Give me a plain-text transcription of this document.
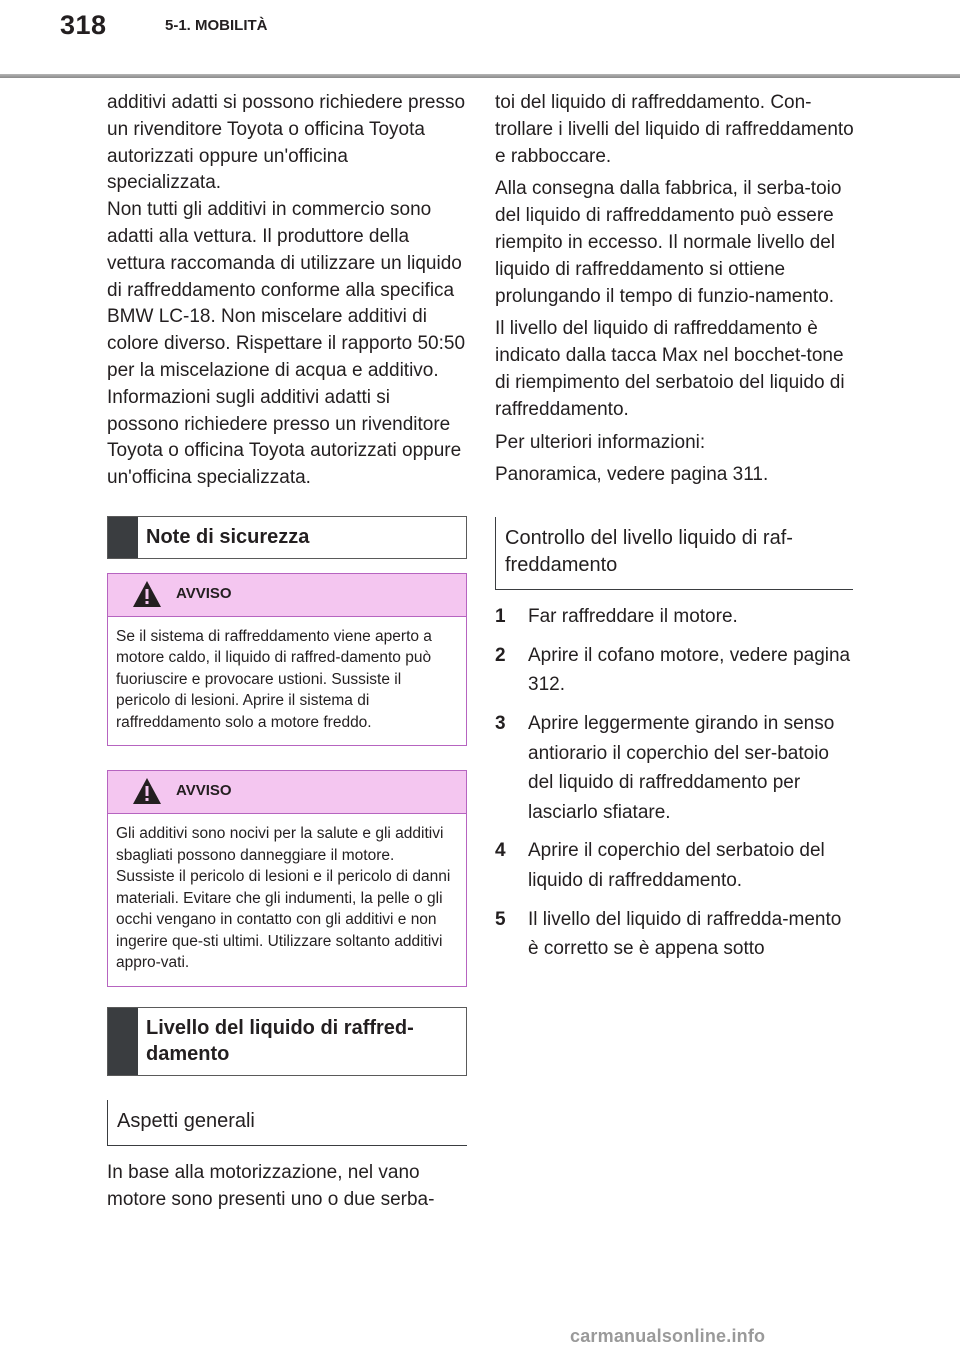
318	5-1. MOBILITÀ

additivi adatti si possono richiedere presso un rivenditore Toyota o officina Toyota autorizzati oppure un'officina specializzata.

Non tutti gli additivi in commercio sono adatti alla vettura. Il produttore della vettura raccomanda di utilizzare un liquido di raffreddamento conforme alla specifica BMW LC-18. Non miscelare additivi di colore diverso. Rispettare il rapporto 50:50 per la miscelazione di acqua e additivo. Informazioni sugli additivi adatti si possono richiedere presso un rivenditore Toyota o officina Toyota autorizzati oppure un'officina specializzata.

Note di sicurezza
AVVISO
Se il sistema di raffreddamento viene aperto a motore caldo, il liquido di raffred-damento può fuoriuscire e provocare ustioni. Sussiste il pericolo di lesioni. Aprire il sistema di raffreddamento solo a motore freddo.
AVVISO
Gli additivi sono nocivi per la salute e gli additivi sbagliati possono danneggiare il motore. Sussiste il pericolo di lesioni e il pericolo di danni materiali. Evitare che gli indumenti, la pelle o gli occhi vengano in contatto con gli additivi e non ingerire que-sti ultimi. Utilizzare soltanto additivi appro-vati.
Livello del liquido di raffred-damento
Aspetti generali

In base alla motorizzazione, nel vano motore sono presenti uno o due serba-

toi del liquido di raffreddamento. Con-trollare i livelli del liquido di raffreddamento e rabboccare.

Alla consegna dalla fabbrica, il serba-toio del liquido di raffreddamento può essere riempito in eccesso. Il normale livello del liquido di raffreddamento si ottiene prolungando il tempo di funzio-namento.

Il livello del liquido di raffreddamento è indicato dalla tacca Max nel bocchet-tone di riempimento del serbatoio del liquido di raffreddamento.

Per ulteriori informazioni:

Panoramica, vedere pagina 311.

Controllo del livello liquido di raf-freddamento
1	Far raffreddare il motore.
2	Aprire il cofano motore, vedere pagina 312.
3	Aprire leggermente girando in senso antiorario il coperchio del ser-batoio del liquido di raffreddamento per lasciarlo sfiatare.
4	Aprire il coperchio del serbatoio del liquido di raffreddamento.
5	Il livello del liquido di raffredda-mento è corretto se è appena sotto
carmanualsonline.info
